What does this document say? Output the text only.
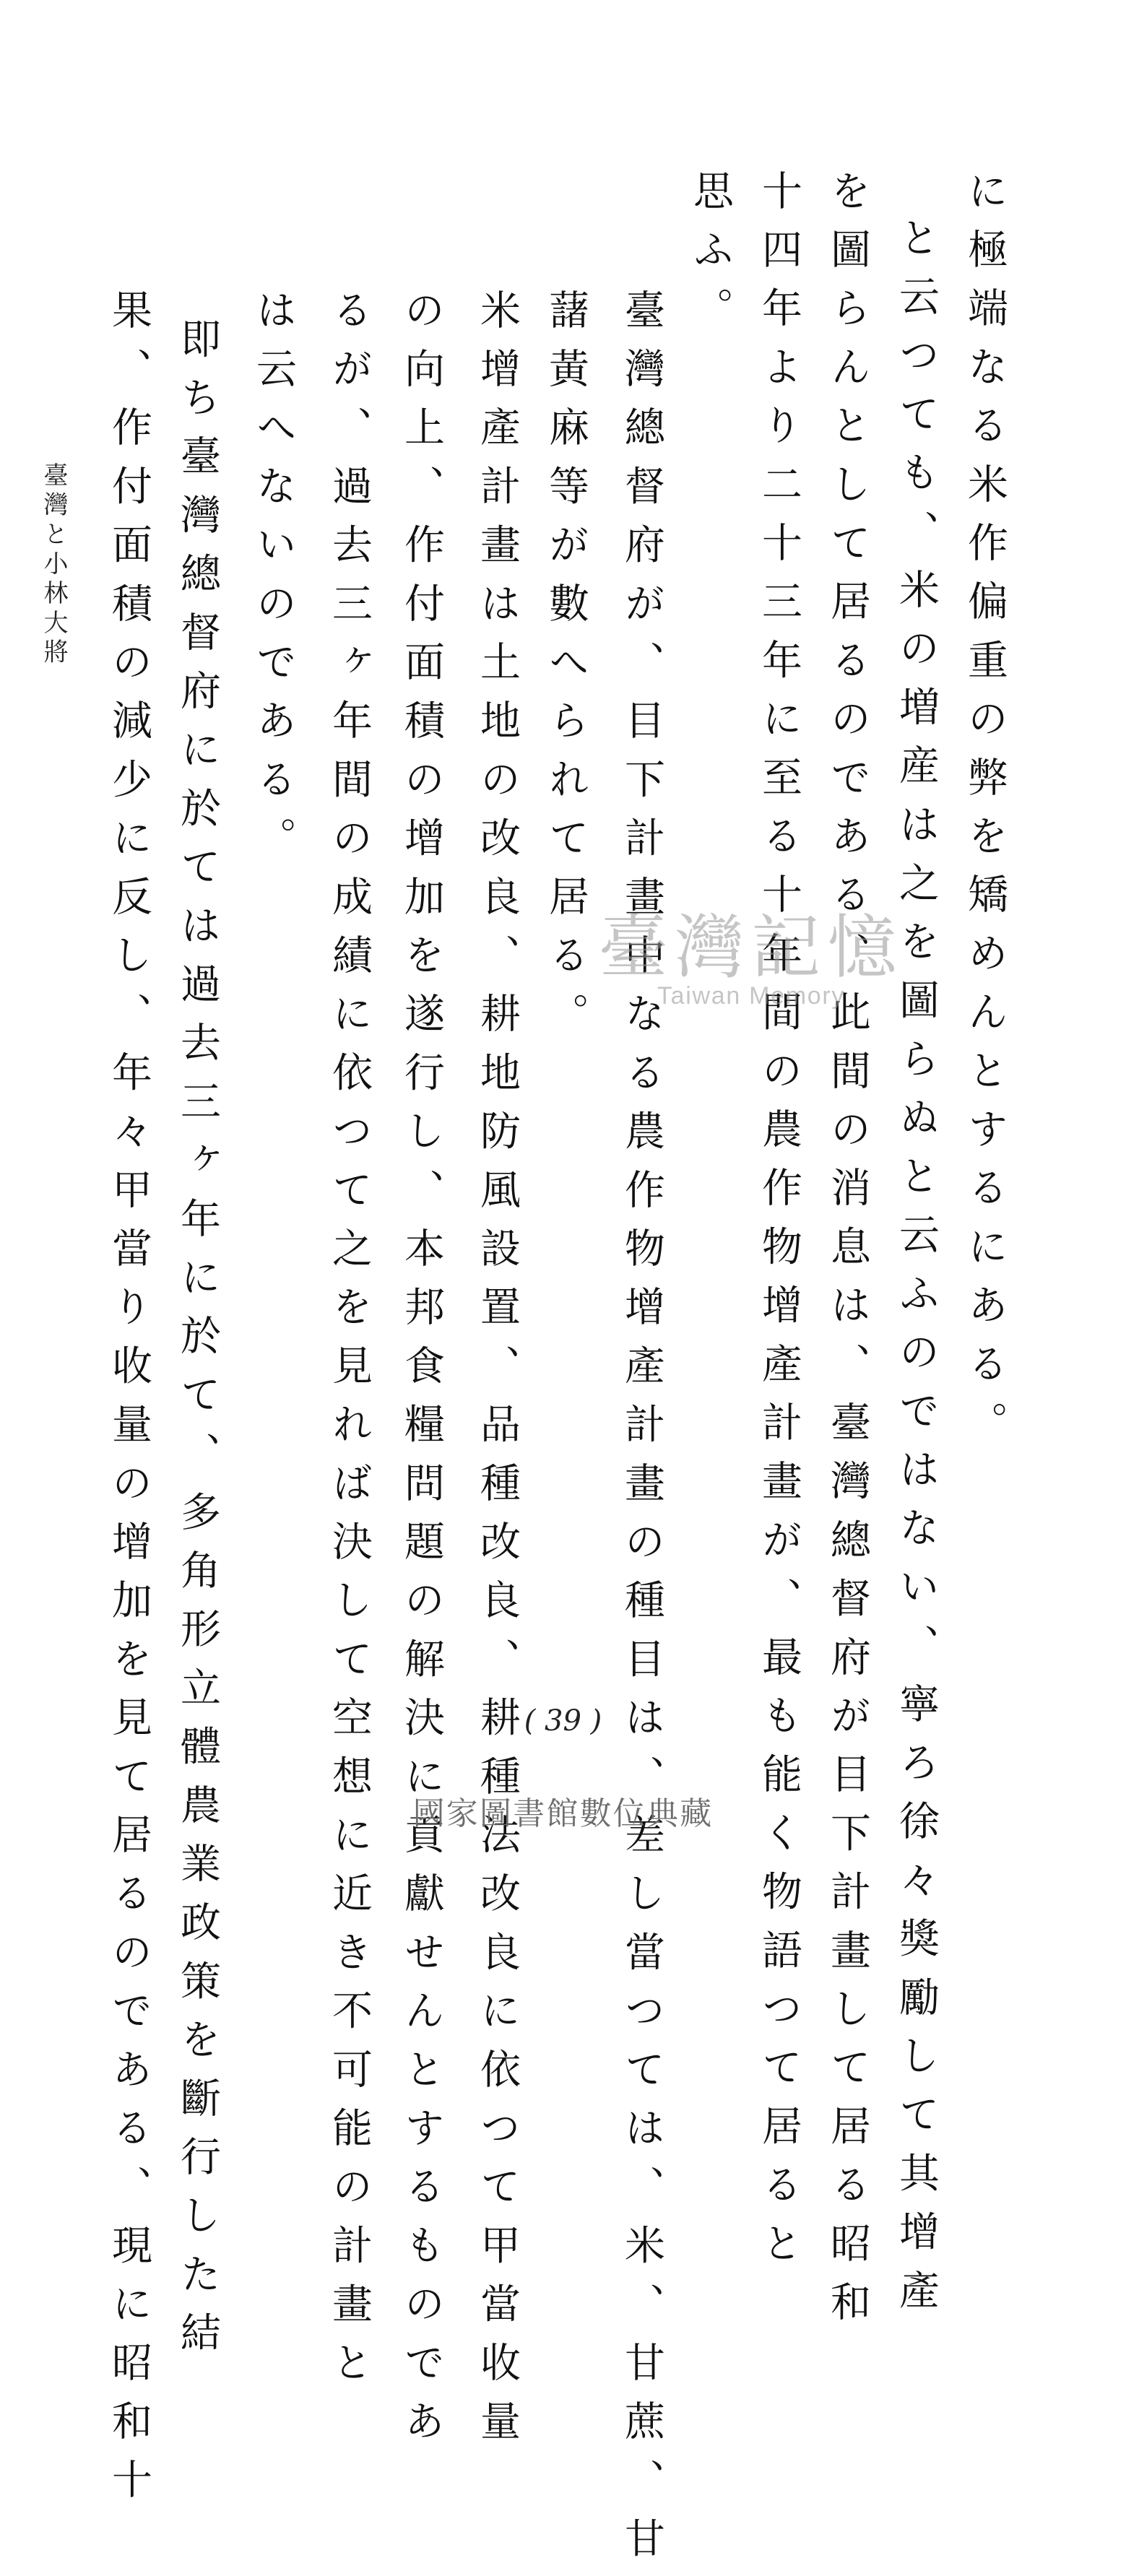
臺灣と小林大將	に極端なる米作偏重の弊を矯めんとするにある。
と云つても、米の増産は之を圖らぬと云ふのではない、寧ろ徐々獎勵して其增產
を圖らんとして居るのである、此間の消息は、臺灣總督府が目下計畫して居る昭和
十四年より二十三年に至る十年間の農作物增產計畫が、最も能く物語つて居ると
思ふ。
臺灣總督府が、目下計畫中なる農作物增產計畫の種目は、差し當つては、米、甘蔗、甘
藷黃麻等が數へられて居る。
米增產計畫は土地の改良、耕地防風設置、品種改良、耕種法改良に依つて甲當收量
の向上、作付面積の增加を遂行し、本邦食糧問題の解決に貢獻せんとするものであ
るが、過去三ヶ年間の成績に依つて之を見れば決して空想に近き不可能の計畫と
は云へないのである。
即ち臺灣總督府に於ては過去三ヶ年に於て、多角形立體農業政策を斷行した結
果、作付面積の減少に反し、年々甲當り收量の增加を見て居るのである、現に昭和十	臺灣記憶
Taiwan Memory
( 39 )
國家圖書館數位典藏
